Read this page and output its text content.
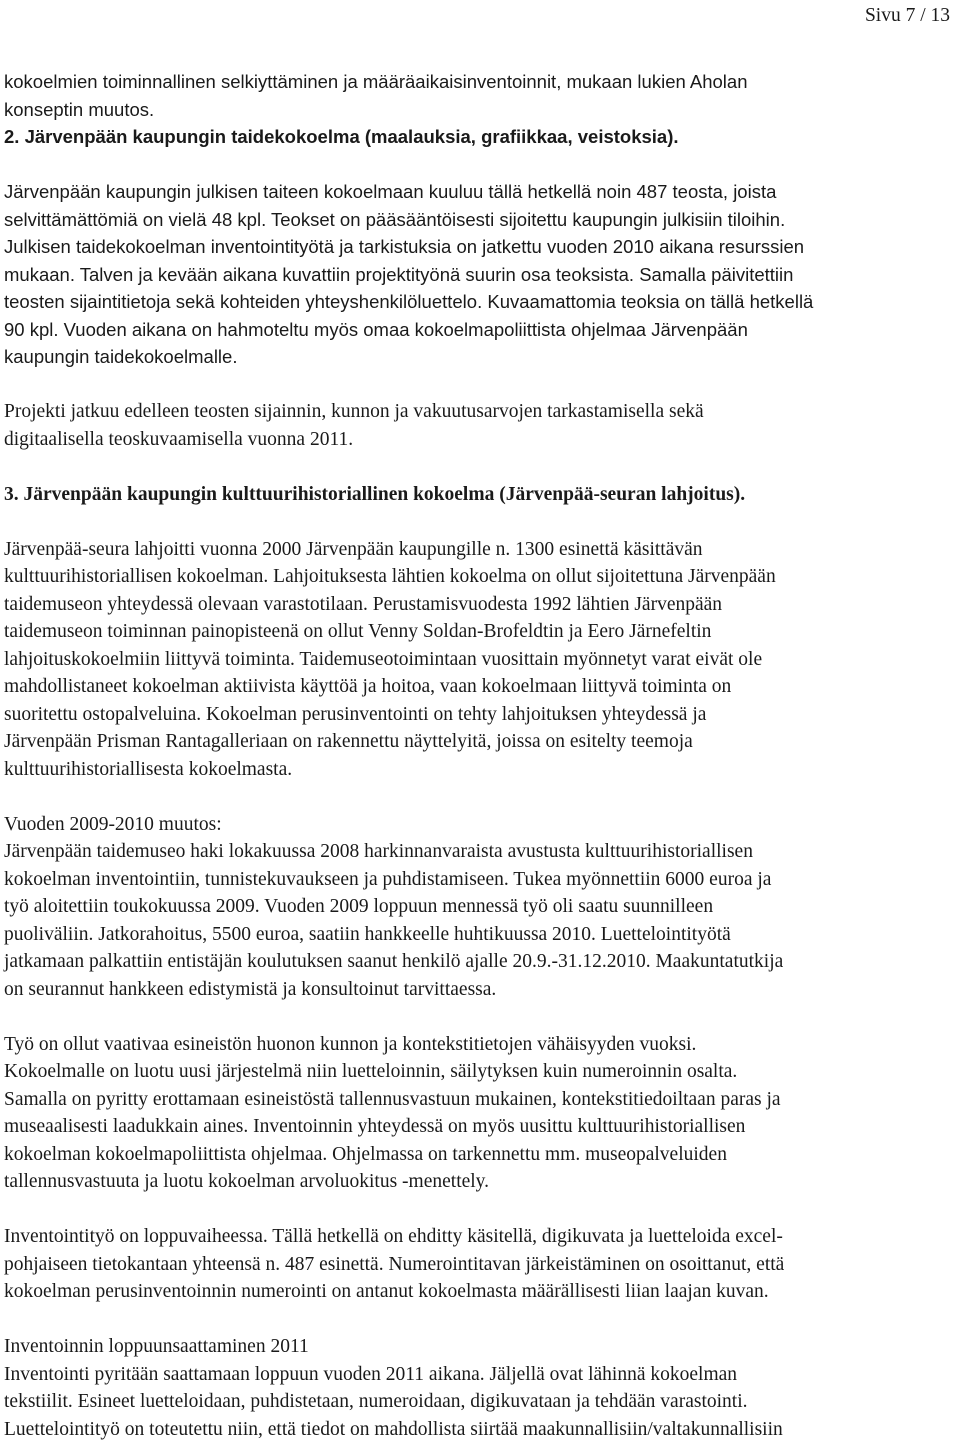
Sivu 7 / 13
kokoelmien toiminnallinen selkiyttäminen ja määräaikaisinventoinnit, mukaan lukien Aholan
konseptin muutos.
2. Järvenpään kaupungin taidekokoelma (maalauksia, grafiikkaa, veistoksia).
Järvenpään kaupungin julkisen taiteen kokoelmaan kuuluu tällä hetkellä noin 487 teosta, joista
selvittämättömiä on vielä 48 kpl. Teokset on pääsääntöisesti sijoitettu kaupungin julkisiin tiloihin.
Julkisen taidekokoelman inventointityötä ja tarkistuksia on jatkettu vuoden 2010 aikana resurssien
mukaan. Talven ja kevään aikana kuvattiin projektityönä suurin osa teoksista. Samalla päivitettiin
teosten sijaintitietoja sekä kohteiden yhteyshenkilöluettelo. Kuvaamattomia teoksia on tällä hetkellä
90 kpl. Vuoden aikana on hahmoteltu myös omaa kokoelmapoliittista ohjelmaa Järvenpään
kaupungin taidekokoelmalle.
Projekti jatkuu edelleen teosten sijainnin, kunnon ja vakuutusarvojen tarkastamisella sekä
digitaalisella teoskuvaamisella vuonna 2011.
3. Järvenpään kaupungin kulttuurihistoriallinen kokoelma (Järvenpää-seuran lahjoitus).
Järvenpää-seura lahjoitti vuonna 2000 Järvenpään kaupungille n. 1300 esinettä käsittävän
kulttuurihistoriallisen kokoelman. Lahjoituksesta lähtien kokoelma on ollut sijoitettuna Järvenpään
taidemuseon yhteydessä olevaan varastotilaan. Perustamisvuodesta 1992 lähtien Järvenpään
taidemuseon toiminnan painopisteenä on ollut Venny Soldan-Brofeldtin ja Eero Järnefeltin
lahjoituskokoelmiin liittyvä toiminta. Taidemuseotoimintaan vuosittain myönnetyt varat eivät ole
mahdollistaneet kokoelman aktiivista käyttöä ja hoitoa, vaan kokoelmaan liittyvä toiminta on
suoritettu ostopalveluina. Kokoelman perusinventointi on tehty lahjoituksen yhteydessä ja
Järvenpään Prisman Rantagalleriaan on rakennettu näyttelyitä, joissa on esitelty teemoja
kulttuurihistoriallisesta kokoelmasta.
Vuoden 2009-2010 muutos:
Järvenpään taidemuseo haki lokakuussa 2008 harkinnanvaraista avustusta kulttuurihistoriallisen
kokoelman inventointiin, tunnistekuvaukseen ja puhdistamiseen. Tukea myönnettiin 6000 euroa ja
työ aloitettiin toukokuussa 2009. Vuoden 2009 loppuun mennessä työ oli saatu suunnilleen
puoliväliin. Jatkorahoitus, 5500 euroa, saatiin hankkeelle huhtikuussa 2010. Luettelointityötä
jatkamaan palkattiin entistäjän koulutuksen saanut henkilö ajalle 20.9.-31.12.2010. Maakuntatutkija
on seurannut hankkeen edistymistä ja konsultoinut tarvittaessa.
Työ on ollut vaativaa esineistön huonon kunnon ja kontekstitietojen vähäisyyden vuoksi.
Kokoelmalle on luotu uusi järjestelmä niin luetteloinnin, säilytyksen kuin numeroinnin osalta.
Samalla on pyritty erottamaan esineistöstä tallennusvastuun mukainen, kontekstitiedoiltaan paras ja
museaalisesti laadukkain aines. Inventoinnin yhteydessä on myös uusittu kulttuurihistoriallisen
kokoelman kokoelmapoliittista ohjelmaa. Ohjelmassa on tarkennettu mm. museopalveluiden
tallennusvastuuta ja luotu kokoelman arvoluokitus -menettely.
Inventointityö on loppuvaiheessa. Tällä hetkellä on ehditty käsitellä, digikuvata ja luetteloida excel-
pohjaiseen tietokantaan yhteensä n. 487 esinettä. Numerointitavan järkeistäminen on osoittanut, että
kokoelman perusinventoinnin numerointi on antanut kokoelmasta määrällisesti liian laajan kuvan.
Inventoinnin loppuunsaattaminen 2011
Inventointi pyritään saattamaan loppuun vuoden 2011 aikana. Jäljellä ovat lähinnä kokoelman
tekstiilit. Esineet luetteloidaan, puhdistetaan, numeroidaan, digikuvataan ja tehdään varastointi.
Luettelointityö on toteutettu niin, että tiedot on mahdollista siirtää maakunnallisiin/valtakunnallisiin
